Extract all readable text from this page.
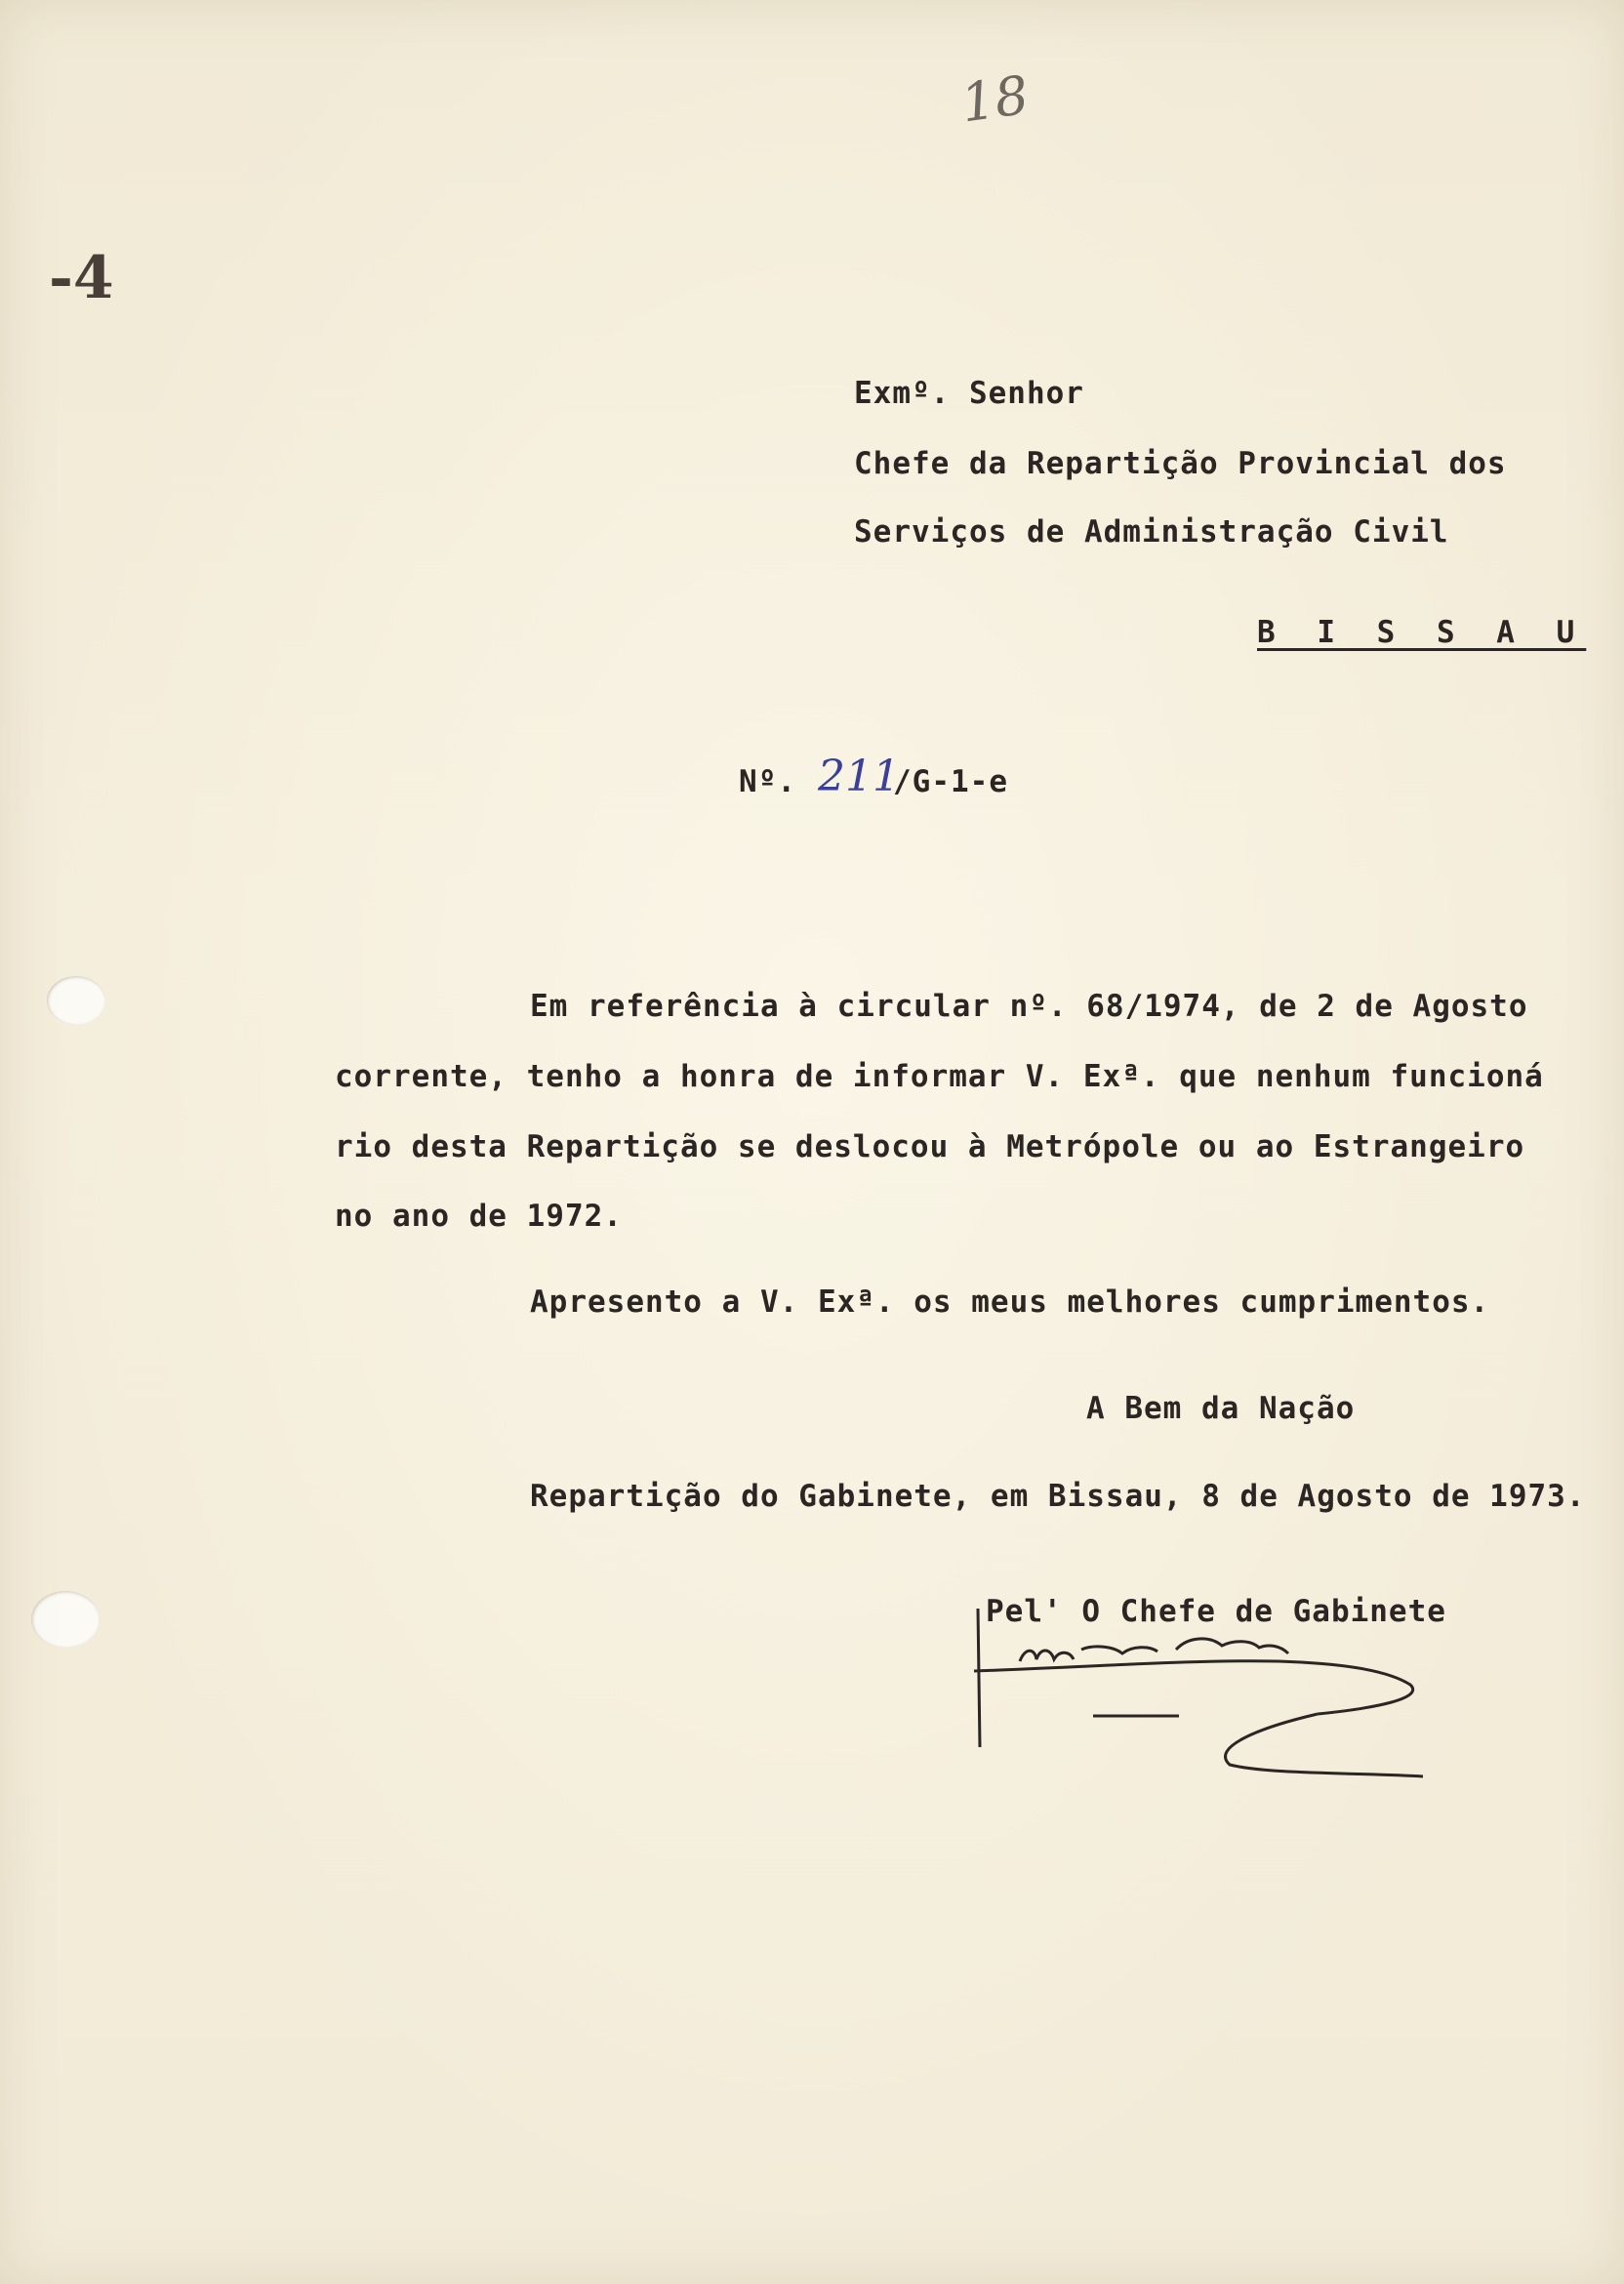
18
-4
Exmº. Senhor
Chefe da Repartição Provincial dos
Serviços de Administração Civil
B I S S A U
Nº. 211
/G-1-e
Em referência à circular nº. 68/1974, de 2 de Agosto
corrente, tenho a honra de informar V. Exª. que nenhum funcioná
rio desta Repartição se deslocou à Metrópole ou ao Estrangeiro
no ano de 1972.
Apresento a V. Exª. os meus melhores cumprimentos.
A Bem da Nação
Repartição do Gabinete, em Bissau, 8 de Agosto de 1973.
Pel' O Chefe de Gabinete
